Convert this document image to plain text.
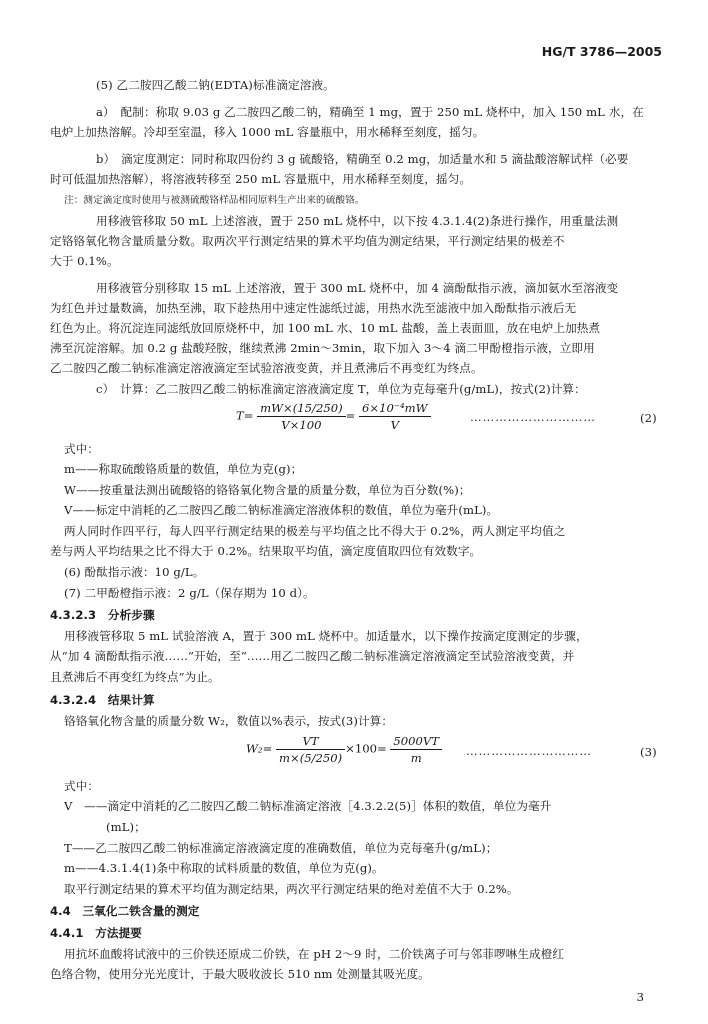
HG/T 3786—2005
(5) 乙二胺四乙酸二钠(EDTA)标准滴定溶液。
a）　配制：称取 9.03 g 乙二胺四乙酸二钠，精确至 1 mg，置于 250 mL 烧杯中，加入 150 mL 水，在
电炉上加热溶解。冷却至室温，移入 1000 mL 容量瓶中，用水稀释至刻度，摇匀。
b）　滴定度测定：同时称取四份约 3 g 硫酸铬，精确至 0.2 mg，加适量水和 5 滴盐酸溶解试样（必要
时可低温加热溶解），将溶液转移至 250 mL 容量瓶中，用水稀释至刻度，摇匀。
注：测定滴定度时使用与被测硫酸铬样品相同原料生产出来的硫酸铬。
用移液管移取 50 mL 上述溶液，置于 250 mL 烧杯中，以下按 4.3.1.4(2)条进行操作，用重量法测
定铬铬氧化物含量质量分数。取两次平行测定结果的算术平均值为测定结果，平行测定结果的极差不
大于 0.1%。
用移液管分别移取 15 mL 上述溶液，置于 300 mL 烧杯中，加 4 滴酚酞指示液，滴加氨水至溶液变
为红色并过量数滴，加热至沸，取下趁热用中速定性滤纸过滤，用热水洗至滤液中加入酚酞指示液后无
红色为止。将沉淀连同滤纸放回原烧杯中，加 100 mL 水、10 mL 盐酸，盖上表面皿，放在电炉上加热煮
沸至沉淀溶解。加 0.2 g 盐酸羟胺，继续煮沸 2min～3min，取下加入 3～4 滴二甲酚橙指示液，立即用
乙二胺四乙酸二钠标准滴定溶液滴定至试验溶液变黄，并且煮沸后不再变红为终点。
c）　计算：乙二胺四乙酸二钠标准滴定溶液滴定度 T，单位为克每毫升(g/mL)，按式(2)计算：
$T= \frac{mW\times(15/250)}{V\times 100} = \frac{\text{6×10⁻⁴mW}}{V}$	…………………………	(2)
式中：
m——称取硫酸铬质量的数值，单位为克(g)；
W——按重量法测出硫酸铬的铬铬氧化物含量的质量分数，单位为百分数(%)；
V——标定中消耗的乙二胺四乙酸二钠标准滴定溶液体积的数值，单位为毫升(mL)。
两人同时作四平行，每人四平行测定结果的极差与平均值之比不得大于 0.2%，两人测定平均值之
差与两人平均结果之比不得大于 0.2%。结果取平均值，滴定度值取四位有效数字。
(6) 酚酞指示液：10 g/L。
(7) 二甲酚橙指示液：2 g/L（保存期为 10 d）。
4.3.2.3　分析步骤
用移液管移取 5 mL 试验溶液 A，置于 300 mL 烧杯中。加适量水，以下操作按滴定度测定的步骤，
从“加 4 滴酚酞指示液……”开始，至“……用乙二胺四乙酸二钠标准滴定溶液滴定至试验溶液变黄，并
且煮沸后不再变红为终点”为止。
4.3.2.4　结果计算
铬铬氧化物含量的质量分数 W₂，数值以%表示，按式(3)计算：
$W_2= \frac{VT}{m\times(5/250)} \times 100= \frac{5000VT}{m}$ …………………………	(3)
式中：
V　——滴定中消耗的乙二胺四乙酸二钠标准滴定溶液［4.3.2.2(5)］体积的数值，单位为毫升
(mL)；
T——乙二胺四乙酸二钠标准滴定溶液滴定度的准确数值，单位为克每毫升(g/mL)；
m——4.3.1.4(1)条中称取的试料质量的数值，单位为克(g)。
取平行测定结果的算术平均值为测定结果，两次平行测定结果的绝对差值不大于 0.2%。
4.4　三氧化二铁含量的测定
4.4.1　方法提要
用抗坏血酸将试液中的三价铁还原成二价铁，在 pH 2～9 时，二价铁离子可与邻菲啰啉生成橙红
色络合物，使用分光光度计，于最大吸收波长 510 nm 处测量其吸光度。
3
